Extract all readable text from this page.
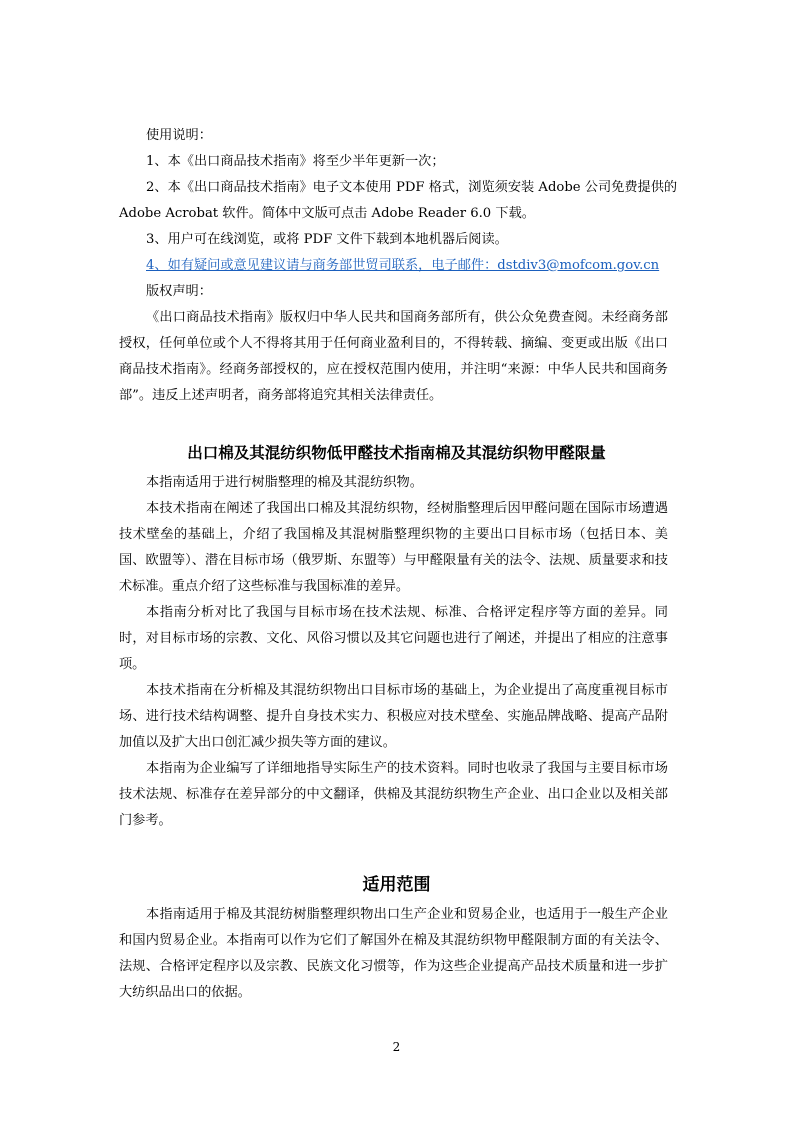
使用说明：
1、本《出口商品技术指南》将至少半年更新一次；
2、本《出口商品技术指南》电子文本使用 PDF 格式，浏览须安装 Adobe 公司免费提供的
Adobe Acrobat 软件。简体中文版可点击 Adobe Reader 6.0 下载。
3、用户可在线浏览，或将 PDF 文件下载到本地机器后阅读。
4、如有疑问或意见建议请与商务部世贸司联系，电子邮件：dstdiv3@mofcom.gov.cn
版权声明：

《出口商品技术指南》版权归中华人民共和国商务部所有，供公众免费查阅。未经商务部授权，任何单位或个人不得将其用于任何商业盈利目的，不得转载、摘编、变更或出版《出口商品技术指南》。经商务部授权的，应在授权范围内使用，并注明“来源：中华人民共和国商务部”。违反上述声明者，商务部将追究其相关法律责任。

出口棉及其混纺织物低甲醛技术指南棉及其混纺织物甲醛限量

本指南适用于进行树脂整理的棉及其混纺织物。

本技术指南在阐述了我国出口棉及其混纺织物，经树脂整理后因甲醛问题在国际市场遭遇技术壁垒的基础上，介绍了我国棉及其混树脂整理织物的主要出口目标市场（包括日本、美国、欧盟等）、潜在目标市场（俄罗斯、东盟等）与甲醛限量有关的法令、法规、质量要求和技术标准。重点介绍了这些标准与我国标准的差异。

本指南分析对比了我国与目标市场在技术法规、标准、合格评定程序等方面的差异。同时，对目标市场的宗教、文化、风俗习惯以及其它问题也进行了阐述，并提出了相应的注意事项。

本技术指南在分析棉及其混纺织物出口目标市场的基础上，为企业提出了高度重视目标市场、进行技术结构调整、提升自身技术实力、积极应对技术壁垒、实施品牌战略、提高产品附加值以及扩大出口创汇减少损失等方面的建议。

本指南为企业编写了详细地指导实际生产的技术资料。同时也收录了我国与主要目标市场技术法规、标准存在差异部分的中文翻译，供棉及其混纺织物生产企业、出口企业以及相关部门参考。

适用范围

本指南适用于棉及其混纺树脂整理织物出口生产企业和贸易企业，也适用于一般生产企业和国内贸易企业。本指南可以作为它们了解国外在棉及其混纺织物甲醛限制方面的有关法令、法规、合格评定程序以及宗教、民族文化习惯等，作为这些企业提高产品技术质量和进一步扩大纺织品出口的依据。

2
